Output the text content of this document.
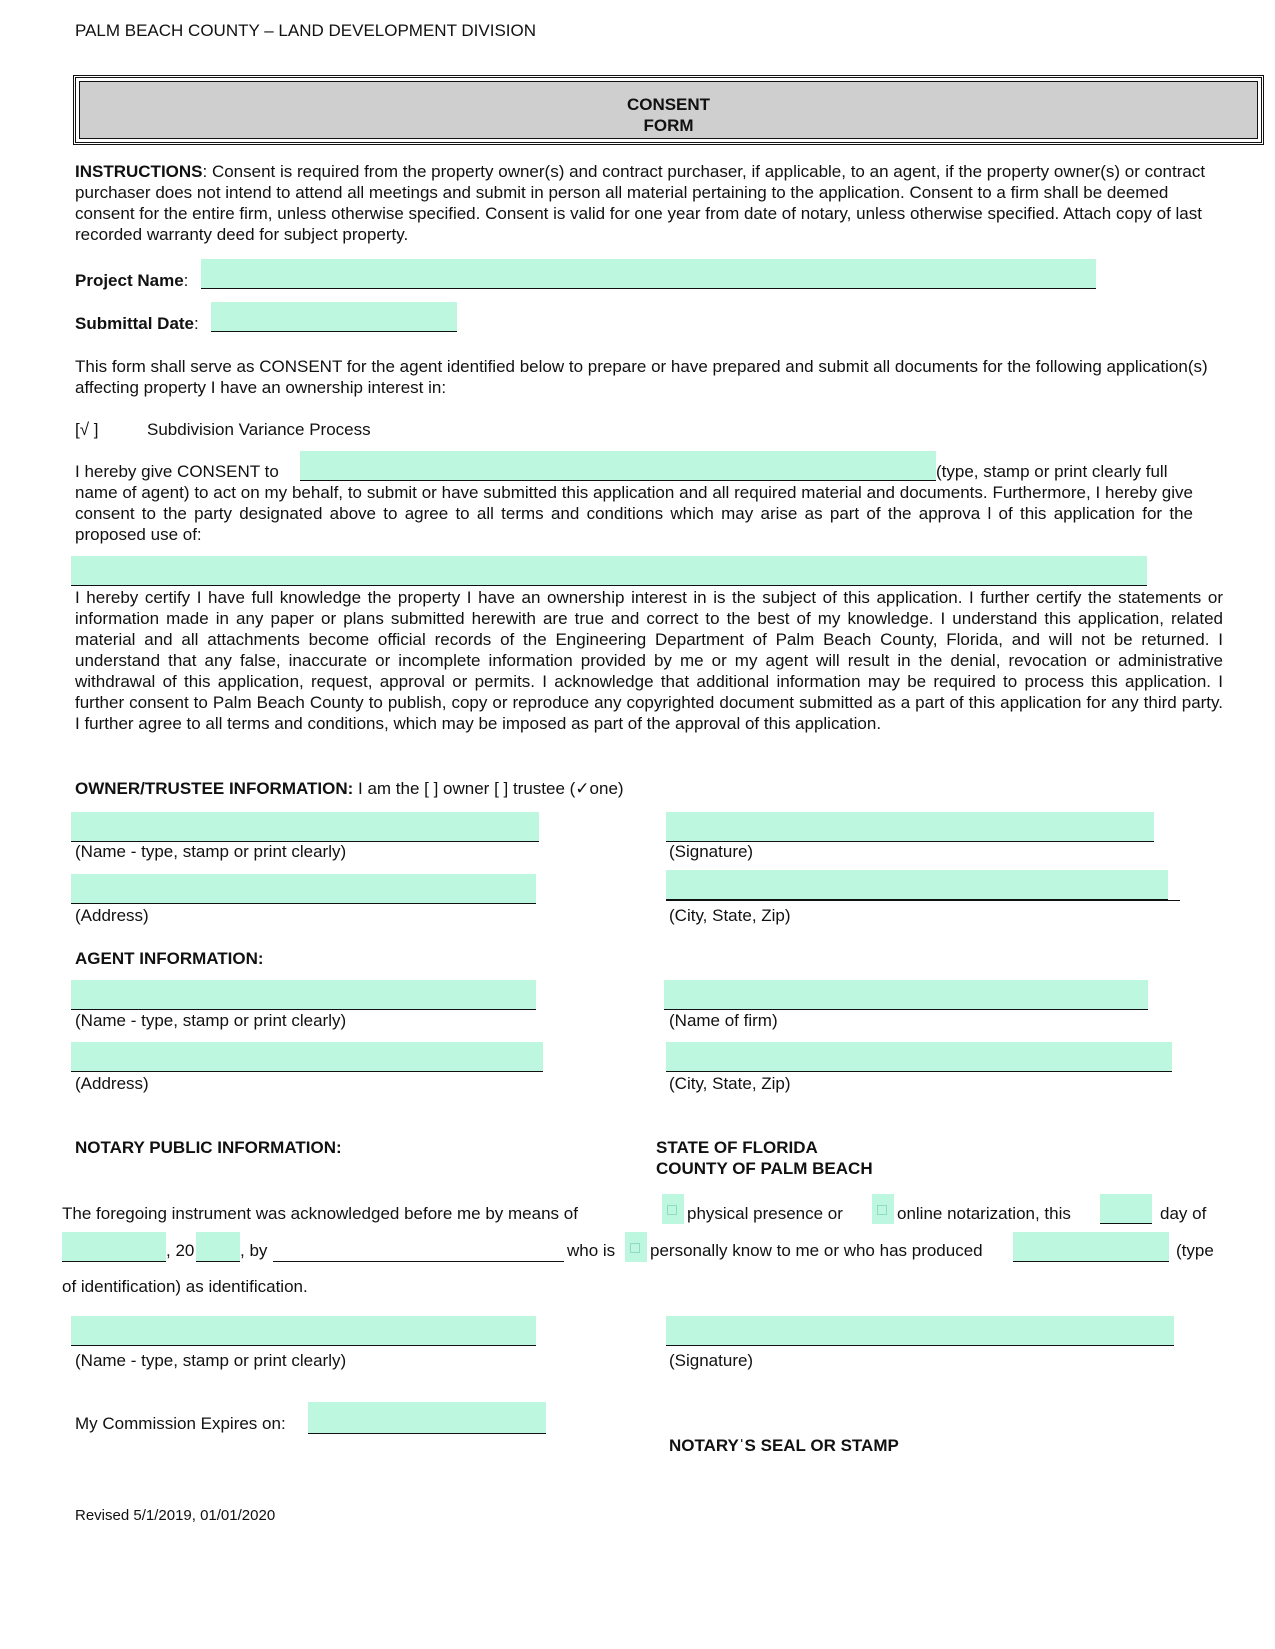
PALM BEACH COUNTY – LAND DEVELOPMENT DIVISION
CONSENT
FORM
INSTRUCTIONS: Consent is required from the property owner(s) and contract purchaser, if applicable, to an agent, if the property owner(s) or contract purchaser does not intend to attend all meetings and submit in person all material pertaining to the application. Consent to a firm shall be deemed consent for the entire firm, unless otherwise specified. Consent is valid for one year from date of notary, unless otherwise specified. Attach copy of last recorded warranty deed for subject property.
Project Name:
Submittal Date:
This form shall serve as CONSENT for the agent identified below to prepare or have prepared and submit all documents for the following application(s) affecting property I have an ownership interest in:
[√ ]	Subdivision Variance Process
I hereby give CONSENT to	(type, stamp or print clearly full
name of agent) to act on my behalf, to submit or have submitted this application and all required material and documents. Furthermore, I hereby give consent to the party designated above to agree to all terms and conditions which may arise as part of the approva l of this application for the proposed use of:
I hereby certify I have full knowledge the property I have an ownership interest in is the subject of this application. I further certify the statements or information made in any paper or plans submitted herewith are true and correct to the best of my knowledge. I understand this application, related material and all attachments become official records of the Engineering Department of Palm Beach County, Florida, and will not be returned. I understand that any false, inaccurate or incomplete information provided by me or my agent will result in the denial, revocation or administrative withdrawal of this application, request, approval or permits. I acknowledge that additional information may be required to process this application. I further consent to Palm Beach County to publish, copy or reproduce any copyrighted document submitted as a part of this application for any third party. I further agree to all terms and conditions, which may be imposed as part of the approval of this application.
OWNER/TRUSTEE INFORMATION: I am the [ ] owner [ ] trustee (✓one)
(Name - type, stamp or print clearly)	(Signature)
(Address)	(City, State, Zip)
AGENT INFORMATION:
(Name - type, stamp or print clearly)	(Name of firm)
(Address)	(City, State, Zip)
NOTARY PUBLIC INFORMATION:	STATE OF FLORIDA
COUNTY OF PALM BEACH
The foregoing instrument was acknowledged before me by means of	physical presence or	online notarization, this	day of
, 20	, by	who is personally know to me or who has produced	(type
of identification) as identification.
(Name - type, stamp or print clearly)	(Signature)
My Commission Expires on:
NOTARYˈS SEAL OR STAMP
Revised 5/1/2019, 01/01/2020
